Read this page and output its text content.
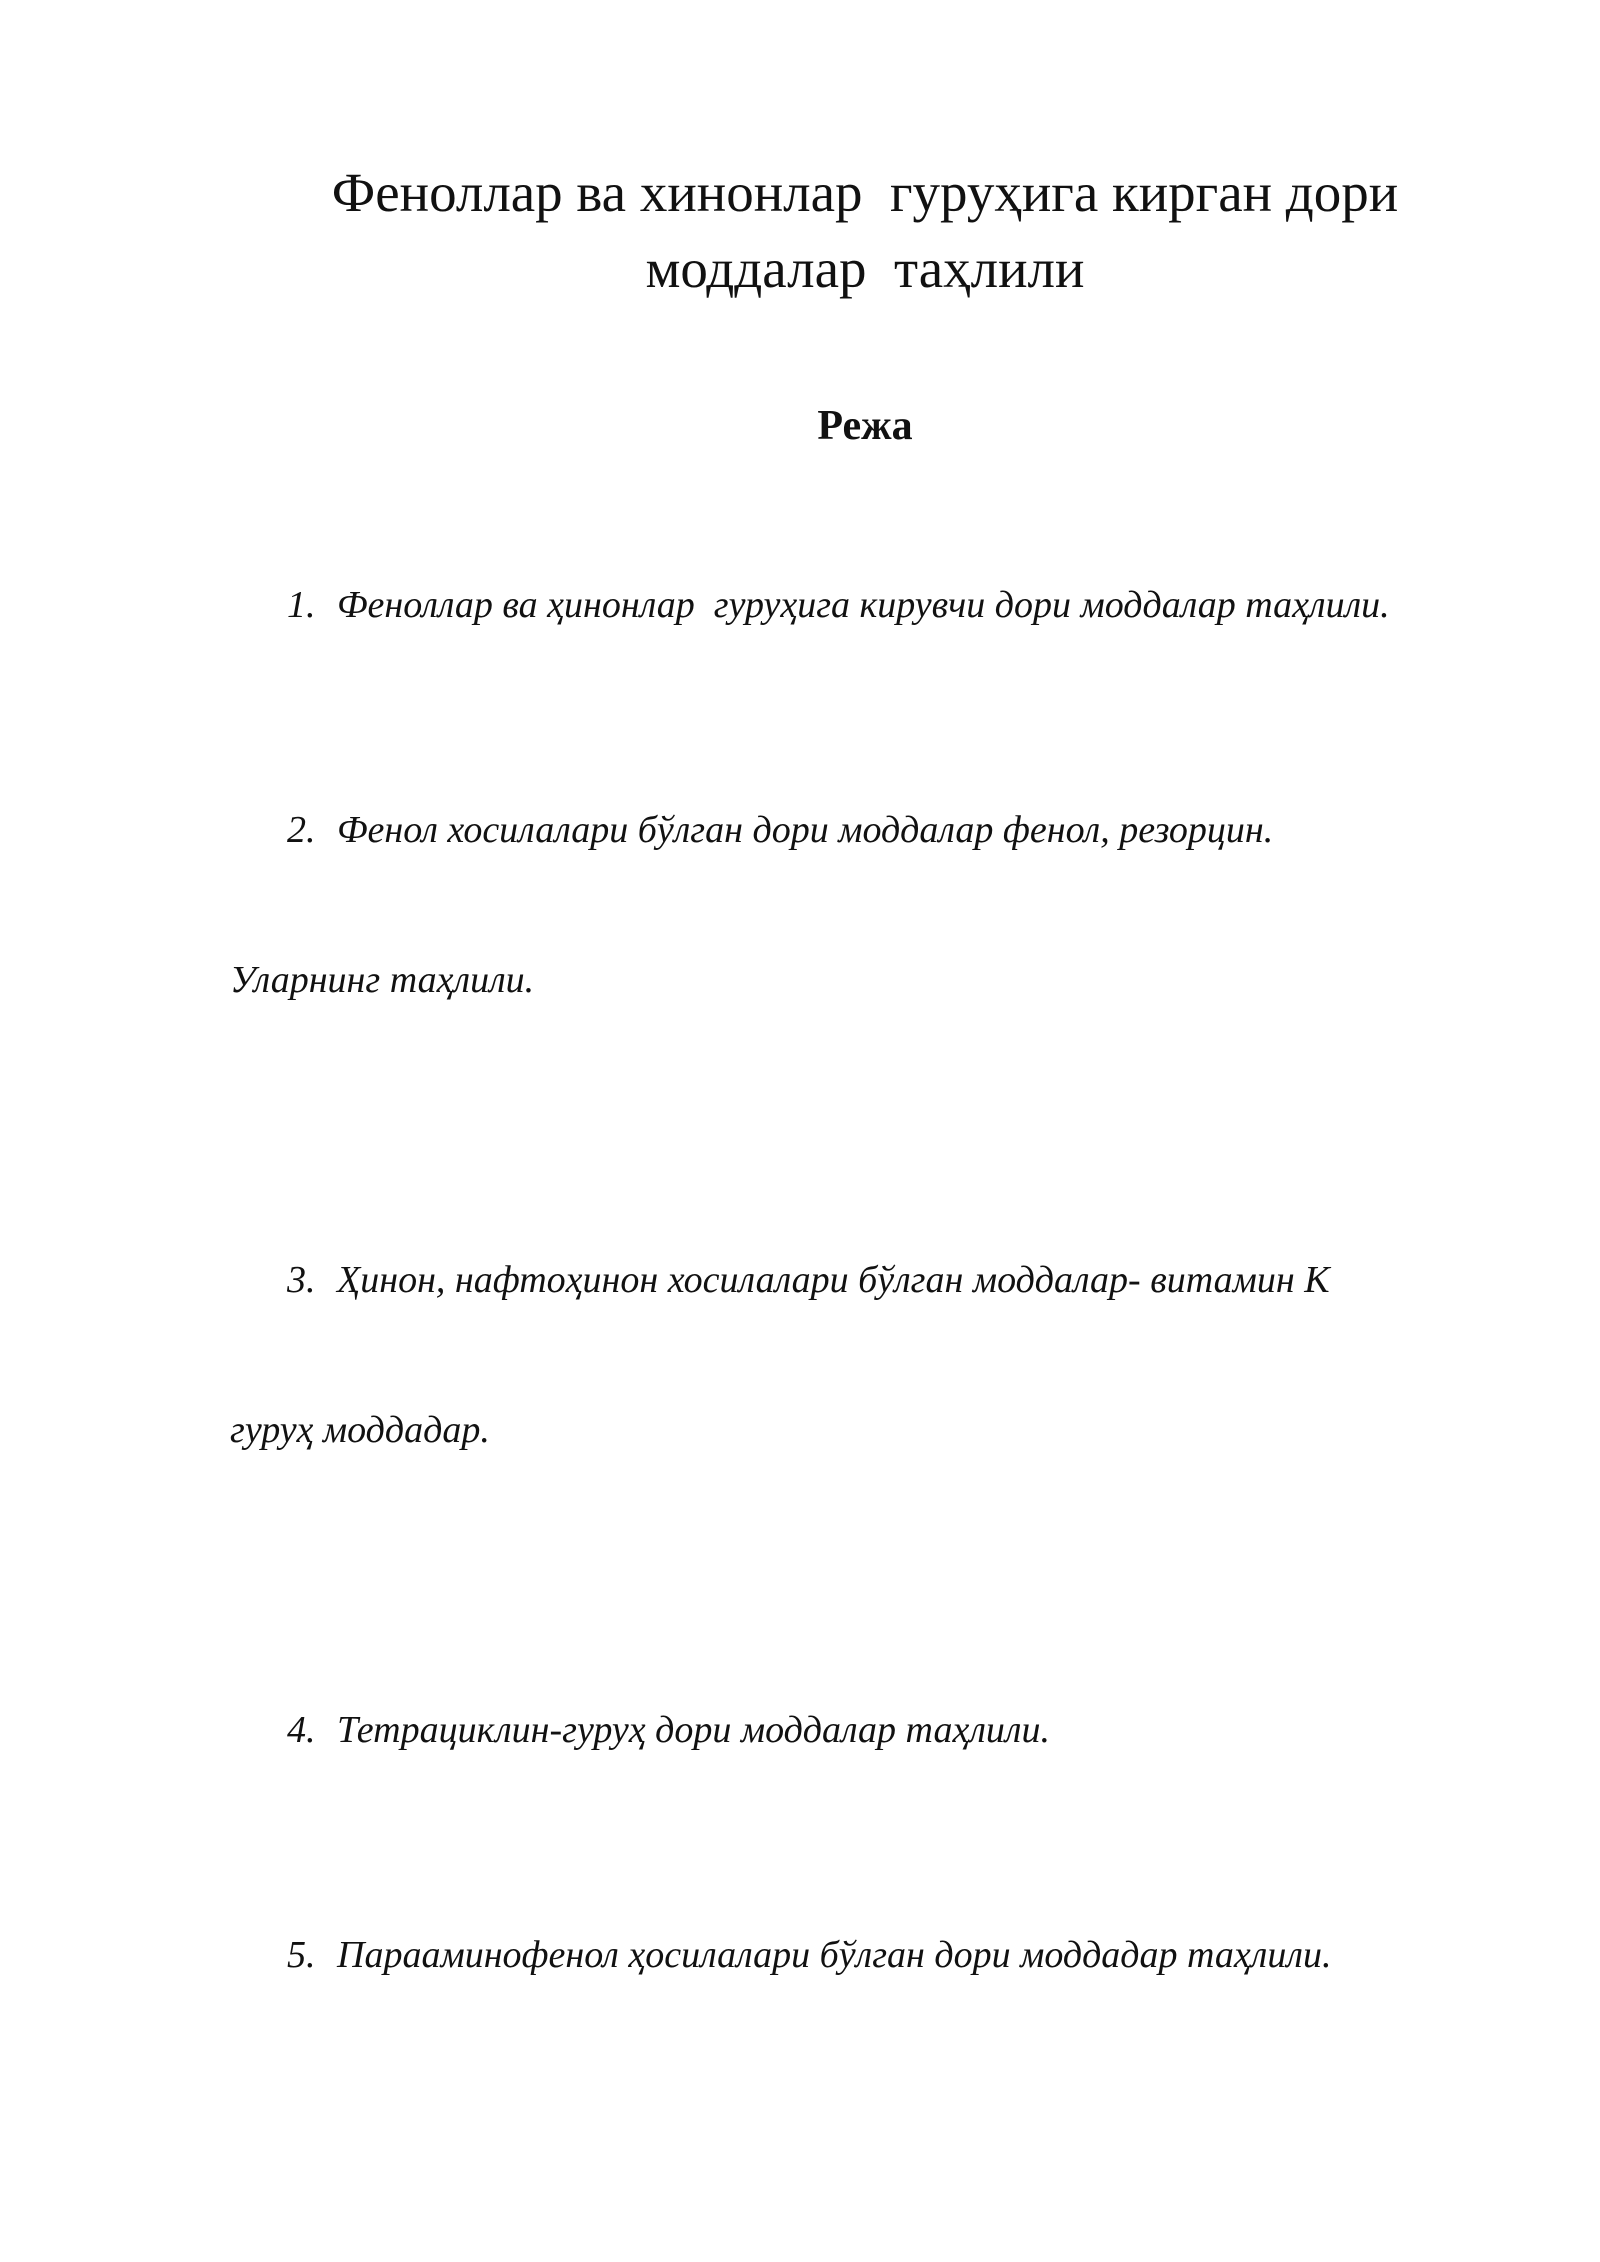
Феноллар ва хинонлар  гуруҳига кирган дори
моддалар  таҳлили
Режа

1. Феноллар ва ҳинонлар  гуруҳига кирувчи дори моддалар таҳлили.

2. Фенол хосилалари бўлган дори моддалар фенол, резорцин.

Уларнинг таҳлили.

3. Ҳинон, нафтоҳинон хосилалари бўлган моддалар- витамин К

гуруҳ моддадар.

4. Тетрациклин-гуруҳ дори моддалар таҳлили.

5. Парааминофенол ҳосилалари бўлган дори моддадар таҳлили.
